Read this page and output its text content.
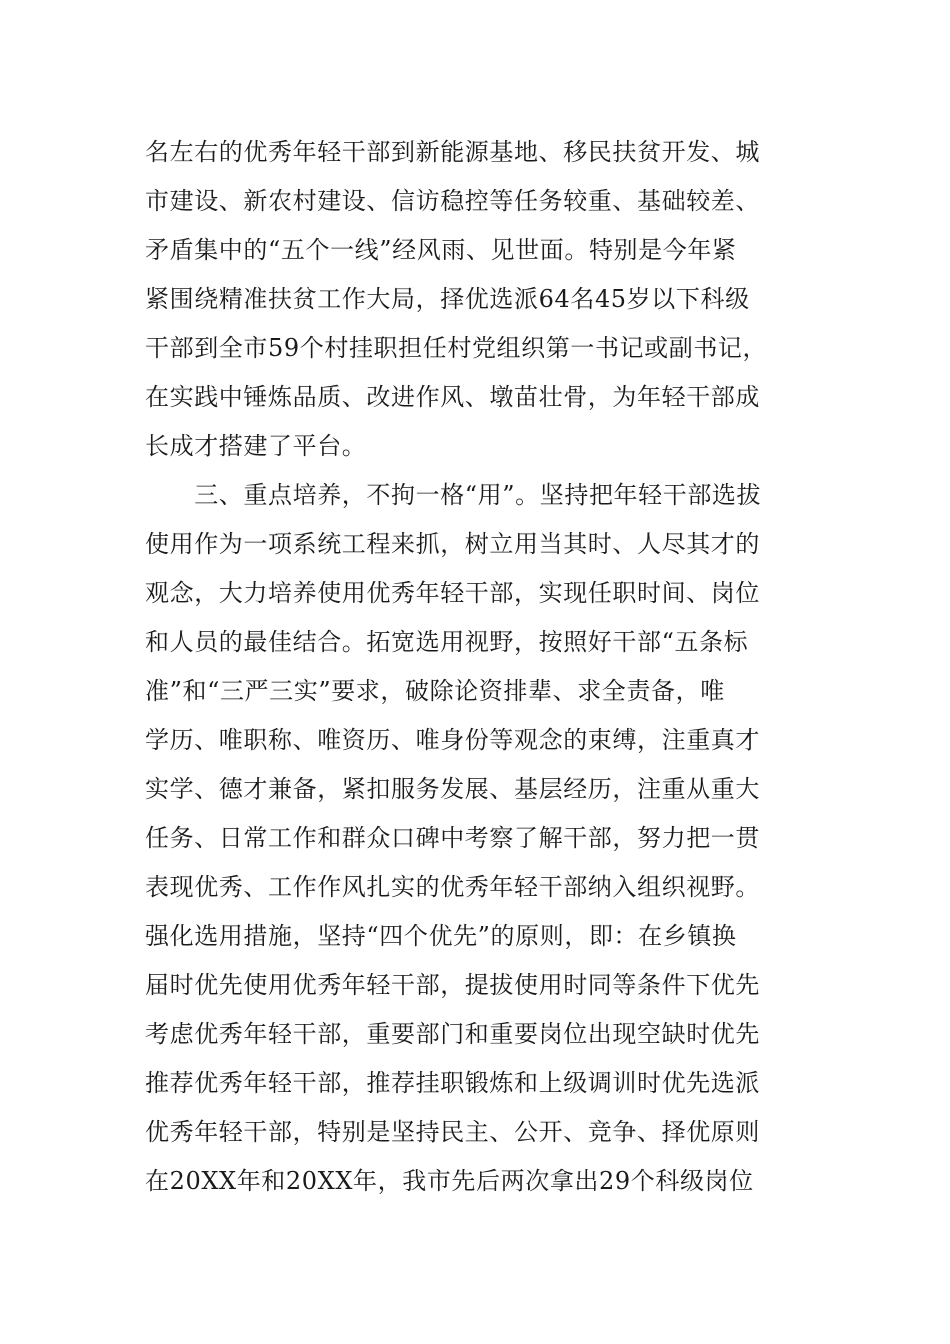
名左右的优秀年轻干部到新能源基地、移民扶贫开发、城
市建设、新农村建设、信访稳控等任务较重、基础较差、
矛盾集中的“五个一线”经风雨、见世面。特别是今年紧
紧围绕精准扶贫工作大局，择优选派64名45岁以下科级
干部到全市59个村挂职担任村党组织第一书记或副书记，
在实践中锤炼品质、改进作风、墩苗壮骨，为年轻干部成
长成才搭建了平台。
　　三、重点培养，不拘一格“用”。坚持把年轻干部选拔
使用作为一项系统工程来抓，树立用当其时、人尽其才的
观念，大力培养使用优秀年轻干部，实现任职时间、岗位
和人员的最佳结合。拓宽选用视野，按照好干部“五条标
准”和“三严三实”要求，破除论资排辈、求全责备，唯
学历、唯职称、唯资历、唯身份等观念的束缚，注重真才
实学、德才兼备，紧扣服务发展、基层经历，注重从重大
任务、日常工作和群众口碑中考察了解干部，努力把一贯
表现优秀、工作作风扎实的优秀年轻干部纳入组织视野。
强化选用措施，坚持“四个优先”的原则，即：在乡镇换
届时优先使用优秀年轻干部，提拔使用时同等条件下优先
考虑优秀年轻干部，重要部门和重要岗位出现空缺时优先
推荐优秀年轻干部，推荐挂职锻炼和上级调训时优先选派
优秀年轻干部，特别是坚持民主、公开、竞争、择优原则
在20XX年和20XX年，我市先后两次拿出29个科级岗位
